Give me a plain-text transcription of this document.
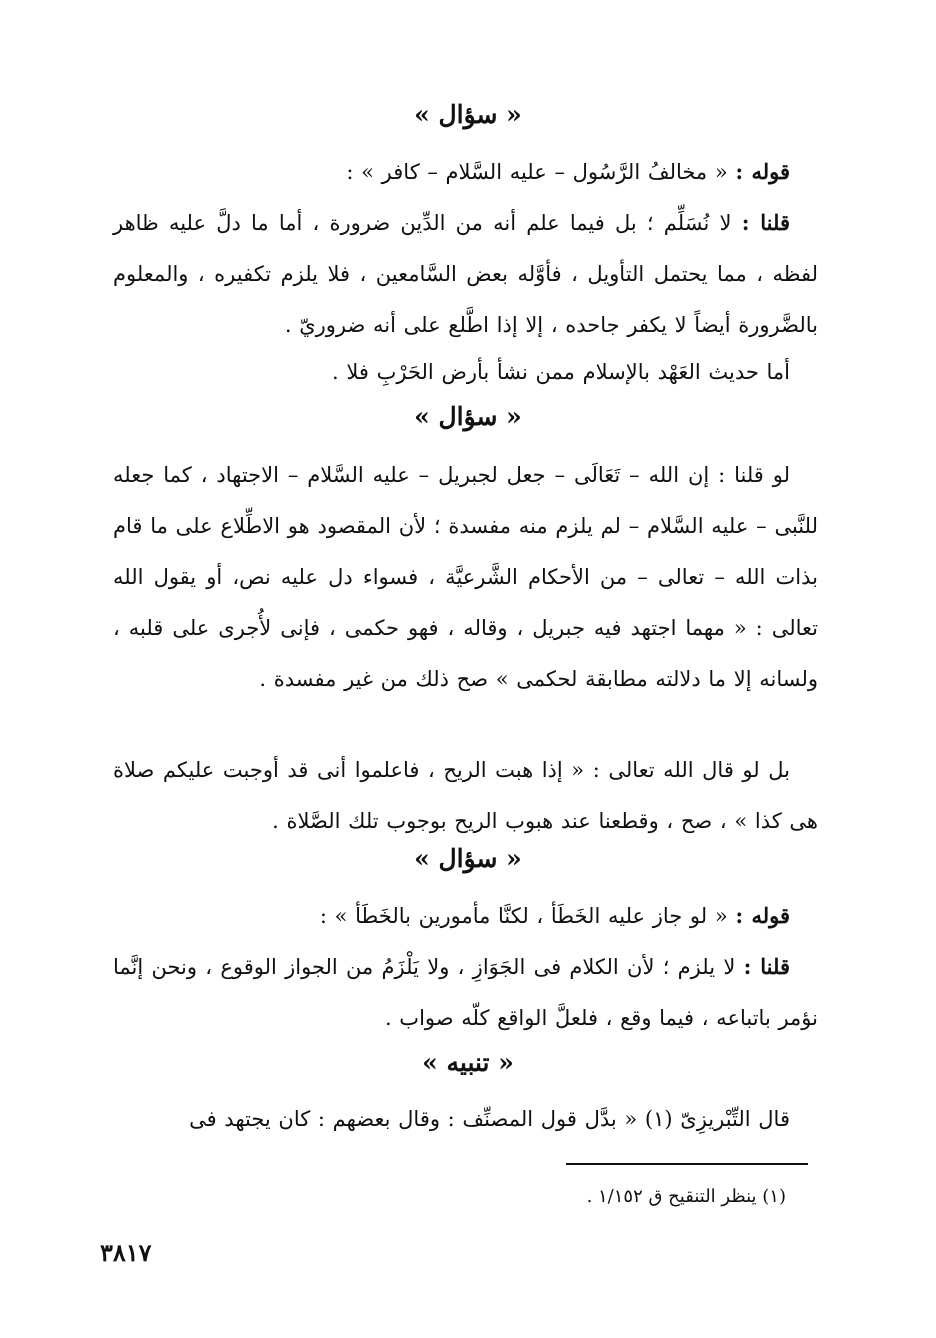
« سؤال »
قوله : « مخالفُ الرَّسُول – عليه السَّلام – كافر » :
قلنا : لا نُسَلِّم ؛ بل فيما علم أنه من الدِّين ضرورة ، أما ما دلَّ عليه ظاهر لفظه ، مما يحتمل التأويل ، فأوَّله بعض السَّامعين ، فلا يلزم تكفيره ، والمعلوم بالضَّرورة أيضاً لا يكفر جاحده ، إلا إذا اطَّلع على أنه ضروريّ .
أما حديث العَهْد بالإسلام ممن نشأ بأرض الحَرْبِ فلا .
« سؤال »
لو قلنا : إن الله – تَعَالَى – جعل لجبريل – عليه السَّلام – الاجتهاد ، كما جعله للنَّبى – عليه السَّلام – لم يلزم منه مفسدة ؛ لأن المقصود هو الاطِّلاع على ما قام بذات الله – تعالى – من الأحكام الشَّرعيَّة ، فسواء دل عليه نص، أو يقول الله تعالى : « مهما اجتهد فيه جبريل ، وقاله ، فهو حكمى ، فإنى لأُجرى على قلبه ، ولسانه إلا ما دلالته مطابقة لحكمى » صح ذلك من غير مفسدة .
بل لو قال الله تعالى : « إذا هبت الريح ، فاعلموا أنى قد أوجبت عليكم صلاة هى كذا » ، صح ، وقطعنا عند هبوب الريح بوجوب تلك الصَّلاة .
« سؤال »
قوله : « لو جاز عليه الخَطَأ ، لكنَّا مأمورين بالخَطَأ » :
قلنا : لا يلزم ؛ لأن الكلام فى الجَوَازِ ، ولا يَلْزَمُ من الجواز الوقوع ، ونحن إنَّما نؤمر باتباعه ، فيما وقع ، فلعلَّ الواقع كلّه صواب .
« تنبيه »
قال التِّبْريزِىّ (١) « بدَّل قول المصنِّف : وقال بعضهم : كان يجتهد فى
(١) ينظر التنقيح ق ١/١٥٢ .
٣٨١٧
